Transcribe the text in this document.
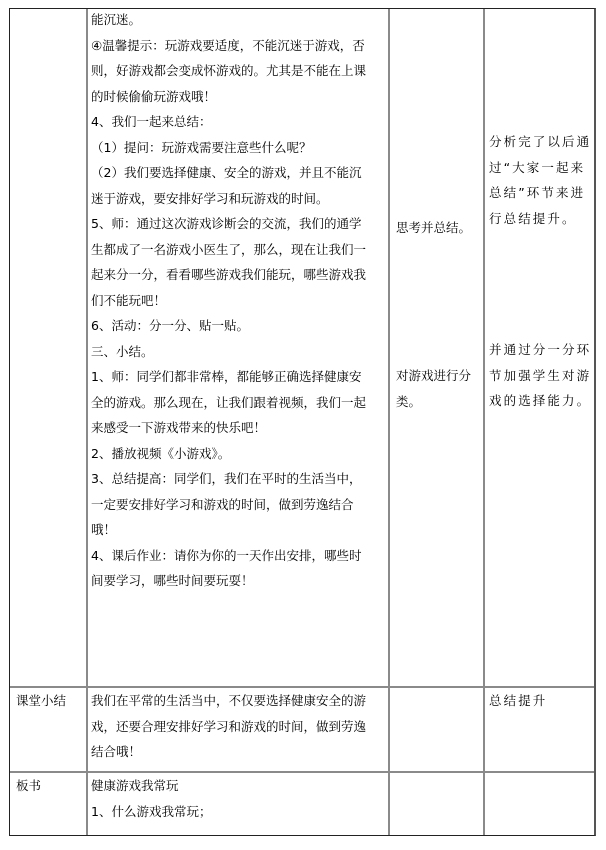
能沉迷。

④温馨提示：玩游戏要适度，不能沉迷于游戏，否

则，好游戏都会变成怀游戏的。尤其是不能在上课

的时候偷偷玩游戏哦！

4、我们一起来总结：

（1）提问：玩游戏需要注意些什么呢？

（2）我们要选择健康、安全的游戏，并且不能沉

迷于游戏，要安排好学习和玩游戏的时间。

5、师：通过这次游戏诊断会的交流，我们的通学

生都成了一名游戏小医生了，那么，现在让我们一

起来分一分，看看哪些游戏我们能玩，哪些游戏我

们不能玩吧！

6、活动：分一分、贴一贴。

三、小结。

1、师：同学们都非常棒，都能够正确选择健康安

全的游戏。那么现在，让我们跟着视频，我们一起

来感受一下游戏带来的快乐吧！

2、播放视频《小游戏》。

3、总结提高：同学们，我们在平时的生活当中，

一定要安排好学习和游戏的时间，做到劳逸结合

哦！

4、课后作业：请你为你的一天作出安排，哪些时

间要学习，哪些时间要玩耍！

思考并总结。

对游戏进行分

类。

分析完了以后通

过“大家一起来

总结”环节来进

行总结提升。

并通过分一分环

节加强学生对游

戏的选择能力。

课堂小结 我们在平常的生活当中，不仅要选择健康安全的游

戏，还要合理安排好学习和游戏的时间，做到劳逸

结合哦！

总结提升

板书	健康游戏我常玩

1、什么游戏我常玩；
